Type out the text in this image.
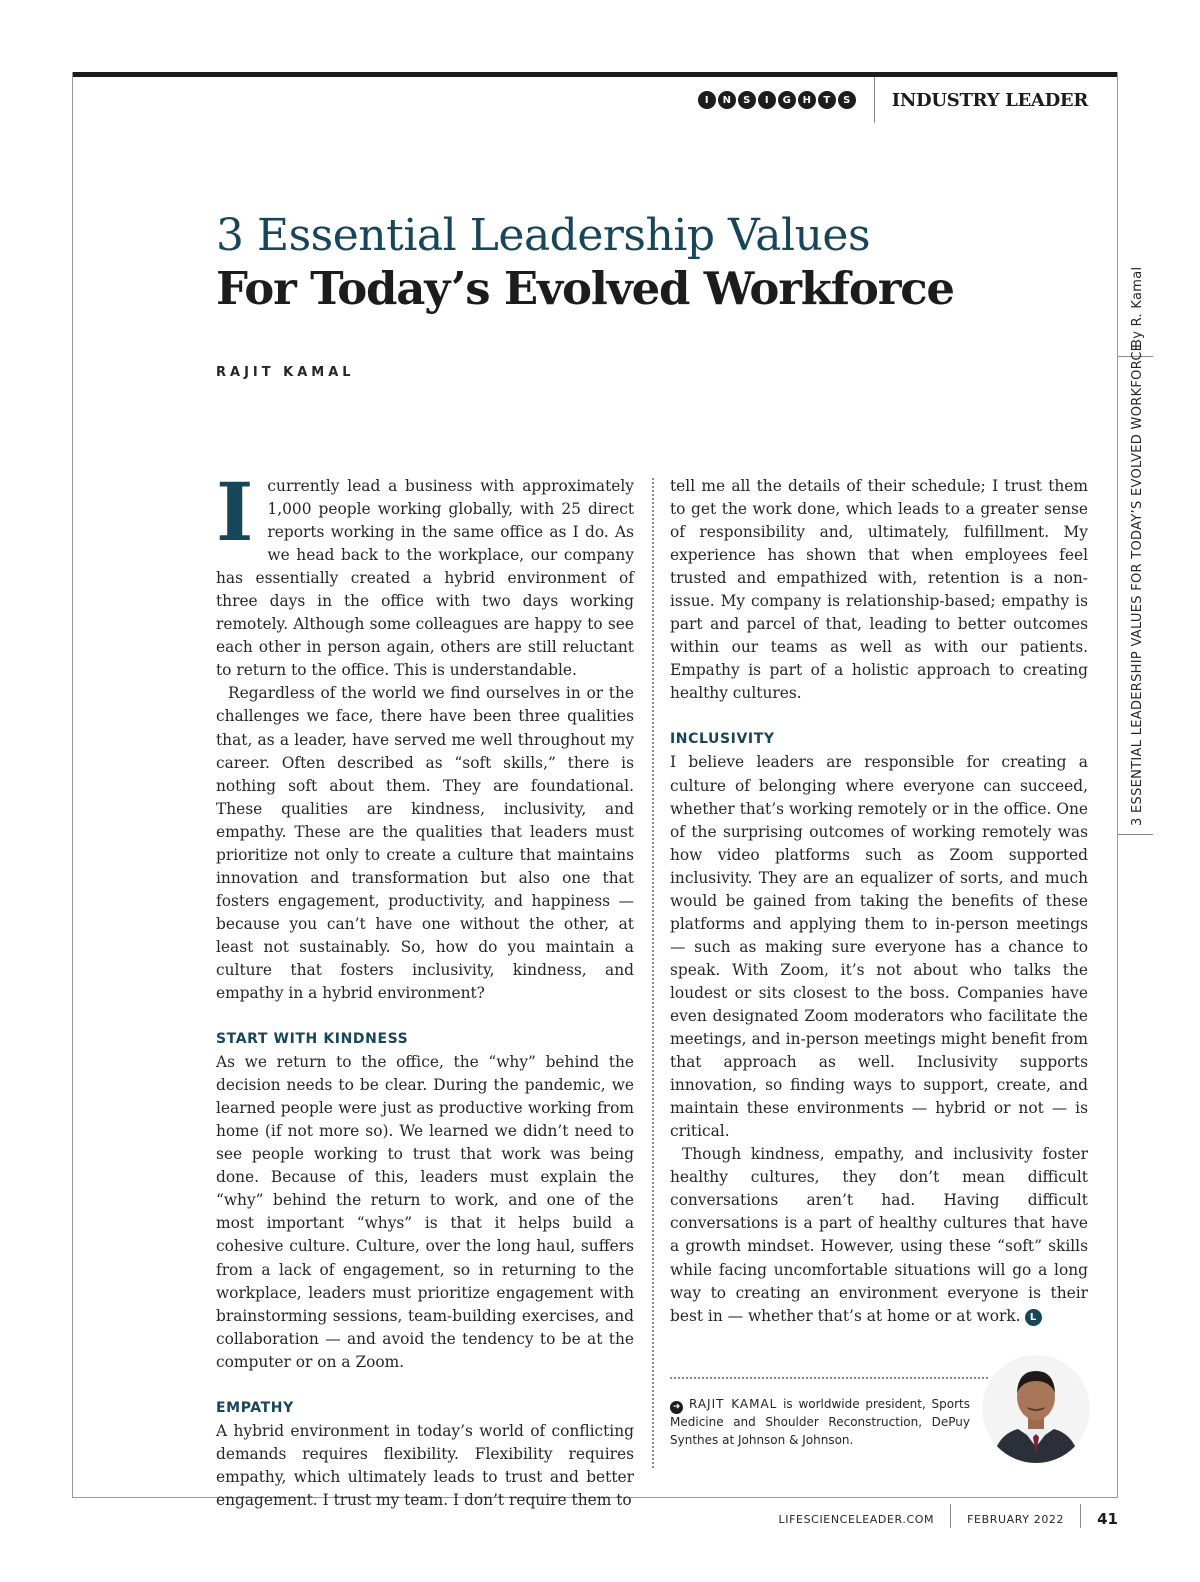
I	N	S	I	G	H	T	S	INDUSTRY LEADER
3 Essential Leadership Values
For Today’s Evolved Workforce
RAJIT KAMAL
I currently lead a business with approximately 1,000 people working globally, with 25 direct reports working in the same office as I do. As we head back to the workplace, our company has essentially created a hybrid environment of three days in the office with two days working remotely. Although some colleagues are happy to see each other in person again, others are still reluctant to return to the office. This is understandable.

Regardless of the world we find ourselves in or the challenges we face, there have been three qualities that, as a leader, have served me well throughout my career. Often described as “soft skills,” there is nothing soft about them. They are foundational. These qualities are kindness, inclusivity, and empathy. These are the qualities that leaders must prioritize not only to create a culture that maintains innovation and transformation but also one that fosters engagement, productivity, and happiness — because you can’t have one without the other, at least not sustainably. So, how do you maintain a culture that fosters inclusivity, kindness, and empathy in a hybrid environment?

START WITH KINDNESS

As we return to the office, the “why” behind the decision needs to be clear. During the pandemic, we learned people were just as productive working from home (if not more so). We learned we didn’t need to see people working to trust that work was being done. Because of this, leaders must explain the “why” behind the return to work, and one of the most important “whys” is that it helps build a cohesive culture. Culture, over the long haul, suffers from a lack of engagement, so in returning to the workplace, leaders must prioritize engagement with brainstorming sessions, team-building exercises, and collaboration — and avoid the tendency to be at the computer or on a Zoom.

EMPATHY

A hybrid environment in today’s world of conflicting demands requires flexibility. Flexibility requires empathy, which ultimately leads to trust and better engagement. I trust my team. I don’t require them to

tell me all the details of their schedule; I trust them to get the work done, which leads to a greater sense of responsibility and, ultimately, fulfillment. My experience has shown that when employees feel trusted and empathized with, retention is a non-issue. My company is relationship-based; empathy is part and parcel of that, leading to better outcomes within our teams as well as with our patients. Empathy is part of a holistic approach to creating healthy cultures.

INCLUSIVITY

I believe leaders are responsible for creating a culture of belonging where everyone can succeed, whether that’s working remotely or in the office. One of the surprising outcomes of working remotely was how video platforms such as Zoom supported inclusivity. They are an equalizer of sorts, and much would be gained from taking the benefits of these platforms and applying them to in-person meetings — such as making sure everyone has a chance to speak. With Zoom, it’s not about who talks the loudest or sits closest to the boss. Companies have even designated Zoom moderators who facilitate the meetings, and in-person meetings might benefit from that approach as well. Inclusivity supports innovation, so finding ways to support, create, and maintain these environments — hybrid or not — is critical.

Though kindness, empathy, and inclusivity foster healthy cultures, they don’t mean difficult conversations aren’t had. Having difficult conversations is a part of healthy cultures that have a growth mindset. However, using these “soft” skills while facing uncomfortable situations will go a long way to creating an environment everyone is their best in — whether that’s at home or at work. L

➜ RAJIT KAMAL is worldwide president, Sports Medicine and Shoulder Reconstruction, DePuy Synthes at Johnson & Johnson.
By R. Kamal
3 ESSENTIAL LEADERSHIP VALUES FOR TODAY’S EVOLVED WORKFORCE
LIFESCIENCELEADER.COM	FEBRUARY 2022 41
